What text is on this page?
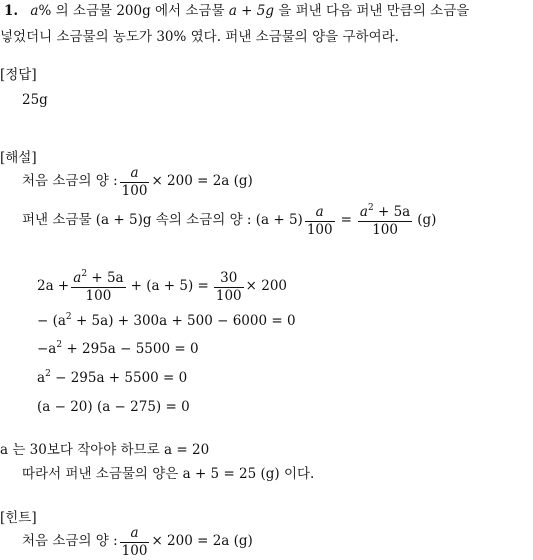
1. a% 의 소금물 200g 에서 소금물 a + 5g 을 퍼낸 다음 퍼낸 만큼의 소금을
넣었더니 소금물의 농도가 30% 였다. 퍼낸 소금물의 양을 구하여라.
[정답]
25g
[해설]
처음 소금의 양 : $\frac{a}{100} \times 200 = 2a$ (g)
퍼낸 소금물 (a + 5)g 속의 소금의 양 : $(a + 5) \frac{a}{100} = \frac{a^2 + 5a}{100} (g)$
$2a + \frac{a^2 + 5a}{100} + (a + 5) = \frac{30}{100} \times 200$
− $(a^2 + 5a) + 300a + 500 - 6000 = 0$
$-a^2 + 295a - 5500 = 0$
$a^2 - 295a + 5500 = 0$
(a − 20) (a − 275) = 0
a 는 30보다 작아야 하므로 a = 20
따라서 퍼낸 소금물의 양은 a + 5 = 25 (g) 이다.
[힌트]
처음 소금의 양 : $\frac{a}{100} \times 200 = 2a$ (g)
